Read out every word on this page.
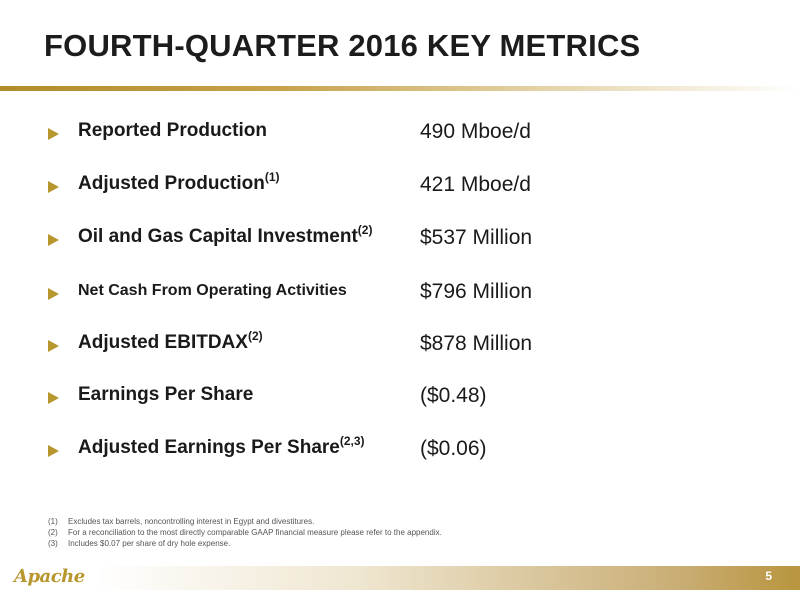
FOURTH-QUARTER 2016 KEY METRICS
Reported Production	490 Mboe/d
Adjusted Production$^{(1)}$	421 Mboe/d
Oil and Gas Capital Investment$^{(2)}$ $537 Million
Net Cash From Operating Activities	$796 Million
Adjusted EBITDAX$^{(2)}$	$878 Million
Earnings Per Share	($0.48)
Adjusted Earnings Per Share$^{(2,3)}$	($0.06)
(1) Excludes tax barrels, noncontrolling interest in Egypt and divestitures.
(2) For a reconciliation to the most directly comparable GAAP financial measure please refer to the appendix.
(3) Includes $0.07 per share of dry hole expense.
Apache	5
